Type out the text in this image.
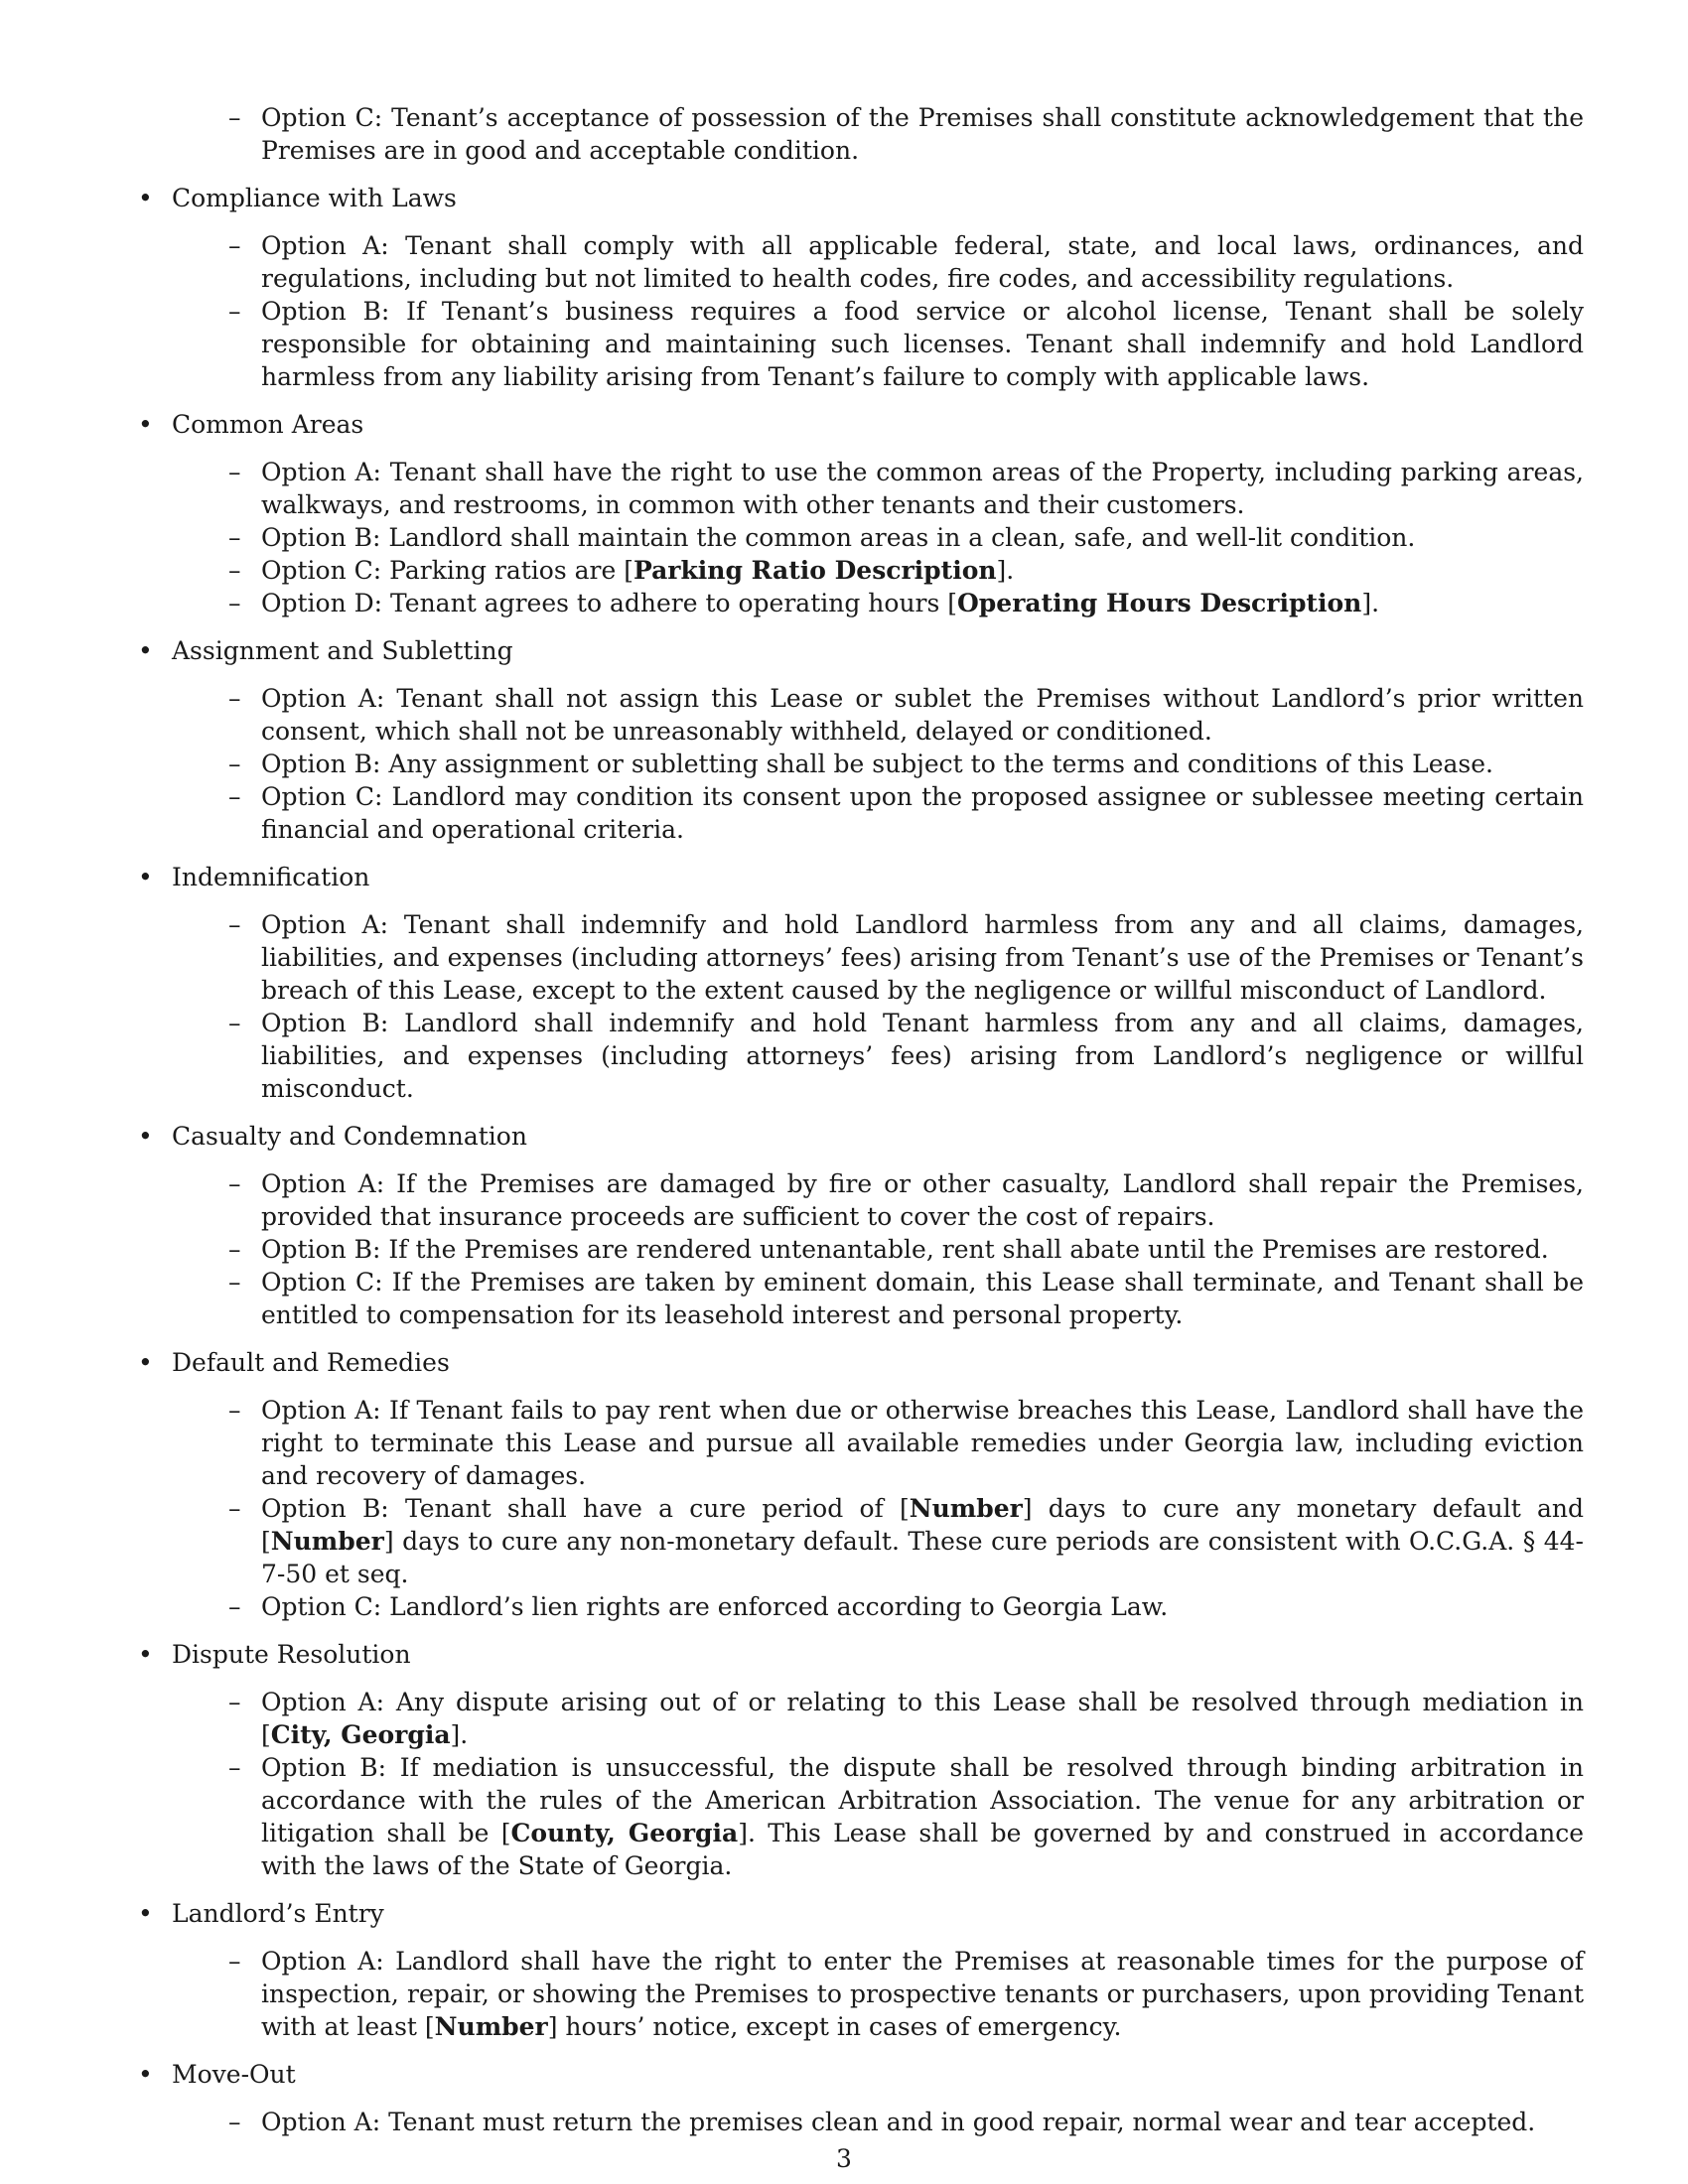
– Option C: Tenant’s acceptance of possession of the Premises shall constitute acknowledgement that the Premises are in good and acceptable condition.
• Compliance with Laws
– Option A: Tenant shall comply with all applicable federal, state, and local laws, ordinances, and regulations, including but not limited to health codes, fire codes, and accessibility regulations.
– Option B: If Tenant’s business requires a food service or alcohol license, Tenant shall be solely responsible for obtaining and maintaining such licenses. Tenant shall indemnify and hold Landlord harmless from any liability arising from Tenant’s failure to comply with applicable laws.
• Common Areas
– Option A: Tenant shall have the right to use the common areas of the Property, including parking areas, walkways, and restrooms, in common with other tenants and their customers.
– Option B: Landlord shall maintain the common areas in a clean, safe, and well-lit condition.
– Option C: Parking ratios are [Parking Ratio Description].
– Option D: Tenant agrees to adhere to operating hours [Operating Hours Description].
• Assignment and Subletting
– Option A: Tenant shall not assign this Lease or sublet the Premises without Landlord’s prior written consent, which shall not be unreasonably withheld, delayed or conditioned.
– Option B: Any assignment or subletting shall be subject to the terms and conditions of this Lease.
– Option C: Landlord may condition its consent upon the proposed assignee or sublessee meeting certain financial and operational criteria.
• Indemnification
– Option A: Tenant shall indemnify and hold Landlord harmless from any and all claims, damages, liabilities, and expenses (including attorneys’ fees) arising from Tenant’s use of the Premises or Tenant’s breach of this Lease, except to the extent caused by the negligence or willful misconduct of Landlord.
– Option B: Landlord shall indemnify and hold Tenant harmless from any and all claims, damages, liabilities, and expenses (including attorneys’ fees) arising from Landlord’s negligence or willful misconduct.
• Casualty and Condemnation
– Option A: If the Premises are damaged by fire or other casualty, Landlord shall repair the Premises, provided that insurance proceeds are sufficient to cover the cost of repairs.
– Option B: If the Premises are rendered untenantable, rent shall abate until the Premises are restored.
– Option C: If the Premises are taken by eminent domain, this Lease shall terminate, and Tenant shall be entitled to compensation for its leasehold interest and personal property.
• Default and Remedies
– Option A: If Tenant fails to pay rent when due or otherwise breaches this Lease, Landlord shall have the right to terminate this Lease and pursue all available remedies under Georgia law, including eviction and recovery of damages.
– Option B: Tenant shall have a cure period of [Number] days to cure any monetary default and [Number] days to cure any non-monetary default. These cure periods are consistent with O.C.G.A. § 44-7-50 et seq.
– Option C: Landlord’s lien rights are enforced according to Georgia Law.
• Dispute Resolution
– Option A: Any dispute arising out of or relating to this Lease shall be resolved through mediation in [City, Georgia].
– Option B: If mediation is unsuccessful, the dispute shall be resolved through binding arbitration in accordance with the rules of the American Arbitration Association. The venue for any arbitration or litigation shall be [County, Georgia]. This Lease shall be governed by and construed in accordance with the laws of the State of Georgia.
• Landlord’s Entry
– Option A: Landlord shall have the right to enter the Premises at reasonable times for the purpose of inspection, repair, or showing the Premises to prospective tenants or purchasers, upon providing Tenant with at least [Number] hours’ notice, except in cases of emergency.
• Move-Out
– Option A: Tenant must return the premises clean and in good repair, normal wear and tear accepted.
3
